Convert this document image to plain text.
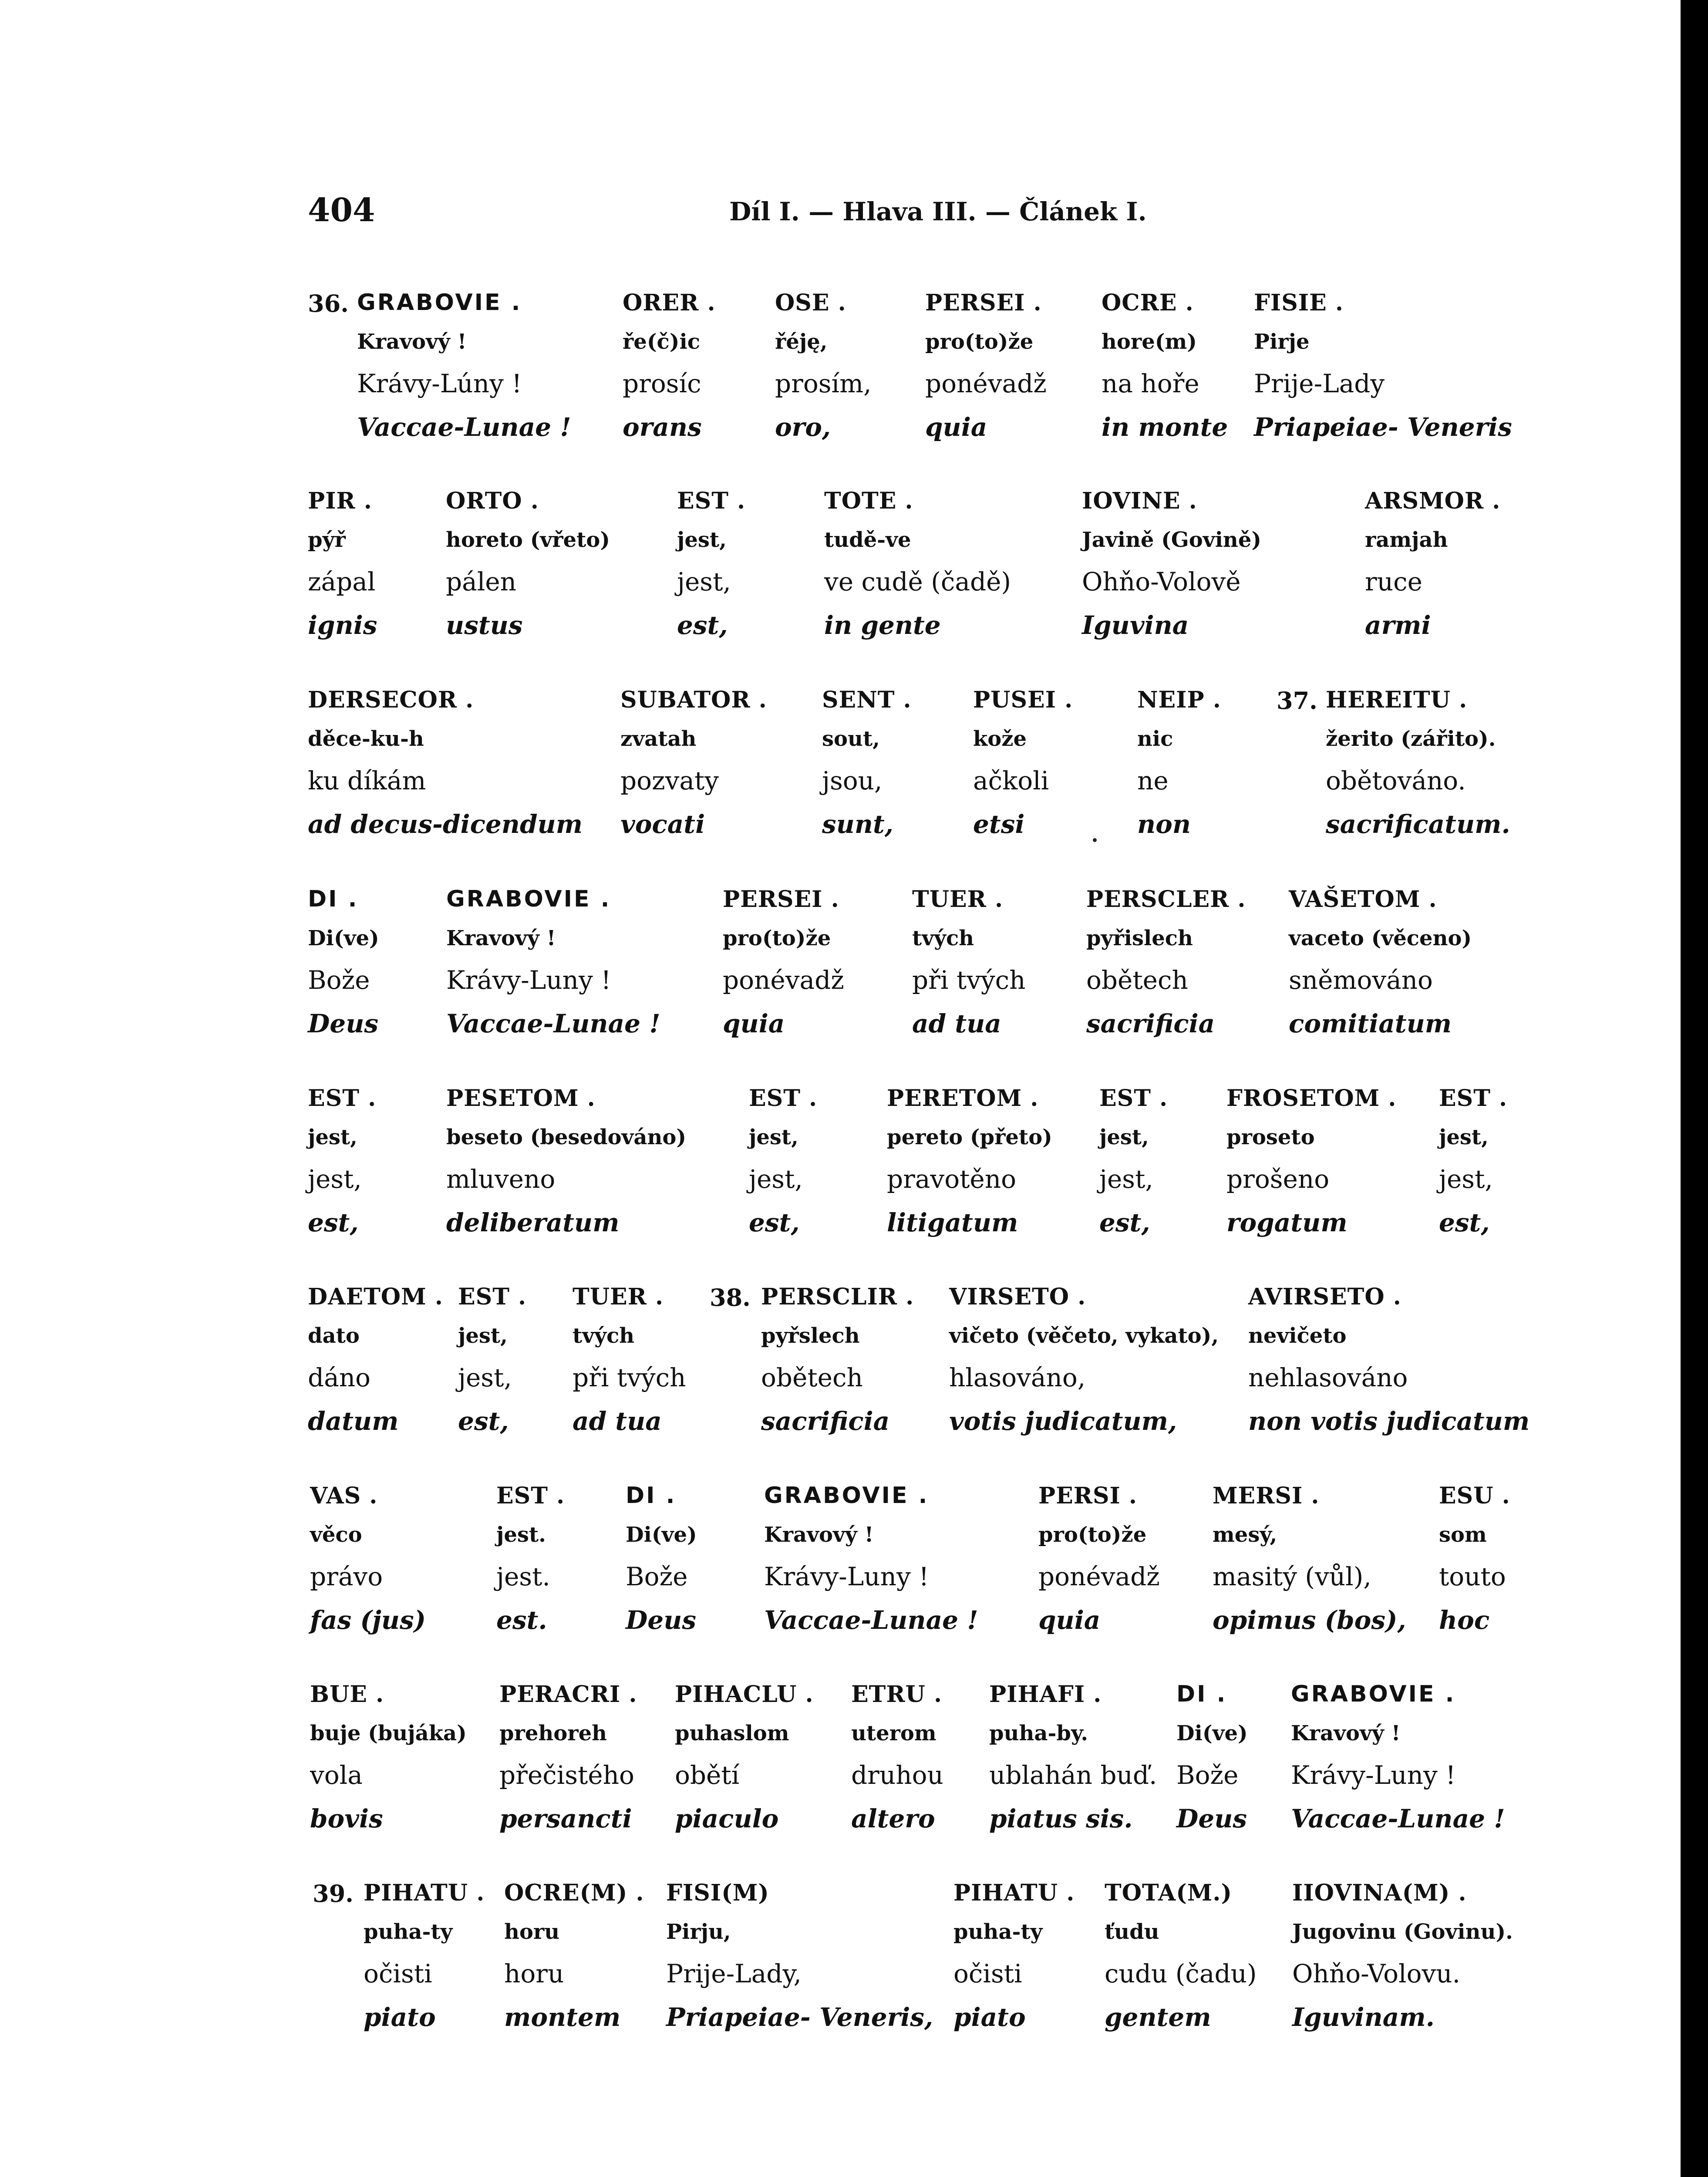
404	Díl I. — Hlava III. — Článek I.
36. GRABOVIE .
Kravový !
Krávy-Lúny !
Vaccae-Lunae !
ORER .
ře(č)ic
prosíc
orans
OSE .
řéję,
prosím,
oro,
PERSEI .
pro(to)že
ponévadž
quia
OCRE .
hore(m)
na hoře
in monte
FISIE .
Pirje
Prije-Lady
Priapeiae- Veneris
PIR .
pýř
zápal
ignis
ORTO .
horeto (vřeto)
pálen
ustus
EST .
jest,
jest,
est,
TOTE .
tudě-ve
ve cudě (čadě)
in gente
IOVINE .
Javině (Govině)
Ohňo-Volově
Iguvina
ARSMOR .
ramjah
ruce
armi
37.
DERSECOR .
děce-ku-h
ku díkám
ad decus-dicendum
SUBATOR .
zvatah
pozvaty
vocati
SENT .
sout,
jsou,
sunt,
PUSEI .
kože
ačkoli
etsi
NEIP .
nic
ne
non
HEREITU .
žerito (zářito).
obětováno.
sacrificatum.
DI .
Di(ve)
Bože
Deus
GRABOVIE .
Kravový !
Krávy-Luny !
Vaccae-Lunae !
PERSEI .
pro(to)že
ponévadž
quia
TUER .
tvých
při tvých
ad tua
PERSCLER .
pyřislech
obětech
sacrificia
VAŠETOM .
vaceto (věceno)
sněmováno
comitiatum
EST .
jest,
jest,
est,
PESETOM .
beseto (besedováno)
mluveno
deliberatum
EST .
jest,
jest,
est,
PERETOM .
pereto (přeto)
pravotěno
litigatum
EST .
jest,
jest,
est,
FROSETOM .
proseto
prošeno
rogatum
EST .
jest,
jest,
est,
38.
DAETOM .
dato
dáno
datum
EST .
jest,
jest,
est,
TUER .
tvých
při tvých
ad tua
PERSCLIR .
pyřslech
obětech
sacrificia
VIRSETO .
vičeto (věčeto, vykato),
hlasováno,
votis judicatum,
AVIRSETO .
nevičeto
nehlasováno
non votis judicatum
VAS .
věco
právo
fas (jus)
EST .
jest.
jest.
est.
DI .
Di(ve)
Bože
Deus
GRABOVIE .
Kravový !
Krávy-Luny !
Vaccae-Lunae !
PERSI .
pro(to)že
ponévadž
quia
MERSI .
mesý,
masitý (vůl),
opimus (bos),
ESU .
som
touto
hoc
BUE .
buje (bujáka)
vola
bovis
PERACRI .
prehoreh
přečistého
persancti
PIHACLU .
puhaslom
obětí
piaculo
ETRU .
uterom
druhou
altero
PIHAFI .
puha-by.
ublahán buď.
piatus sis.
DI .
Di(ve)
Bože
Deus
GRABOVIE .
Kravový !
Krávy-Luny !
Vaccae-Lunae !
39. PIHATU .
puha-ty
očisti
piato
OCRE(M) .
horu
horu
montem
FISI(M)
Pirju,
Prije-Lady,
Priapeiae- Veneris,
PIHATU .
puha-ty
očisti
piato
TOTA(M.)
ťudu
cudu (čadu)
gentem
IIOVINA(M) .
Jugovinu (Govinu).
Ohňo-Volovu.
Iguvinam.
